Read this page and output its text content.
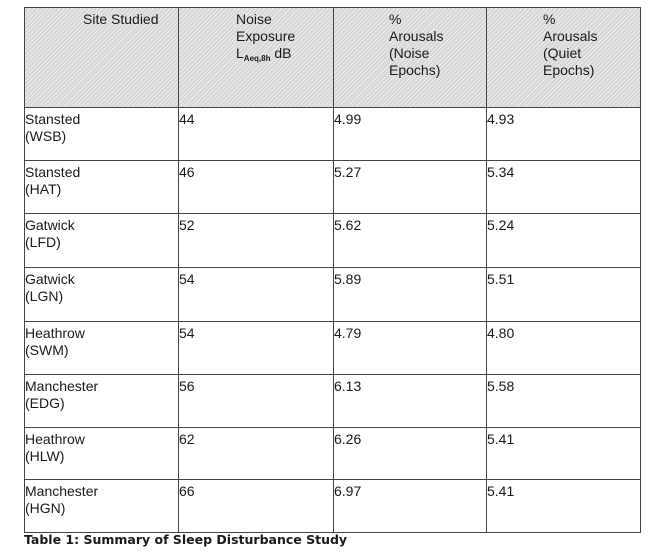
Site Studied	Noise
Exposure
$L_{Aeq,8h}$ dB	%
Arousals
(Noise
Epochs)	%
Arousals
(Quiet
Epochs)

Stansted
(WSB)	44	4.99	4.93

Stansted
(HAT)	46	5.27	5.34

Gatwick
(LFD)	52	5.62	5.24

Gatwick
(LGN)	54	5.89	5.51

Heathrow
(SWM)	54	4.79	4.80

Manchester
(EDG)	56	6.13	5.58

Heathrow
(HLW)	62	6.26	5.41

Manchester
(HGN)	66	6.97	5.41
Table 1: Summary of Sleep Disturbance Study
